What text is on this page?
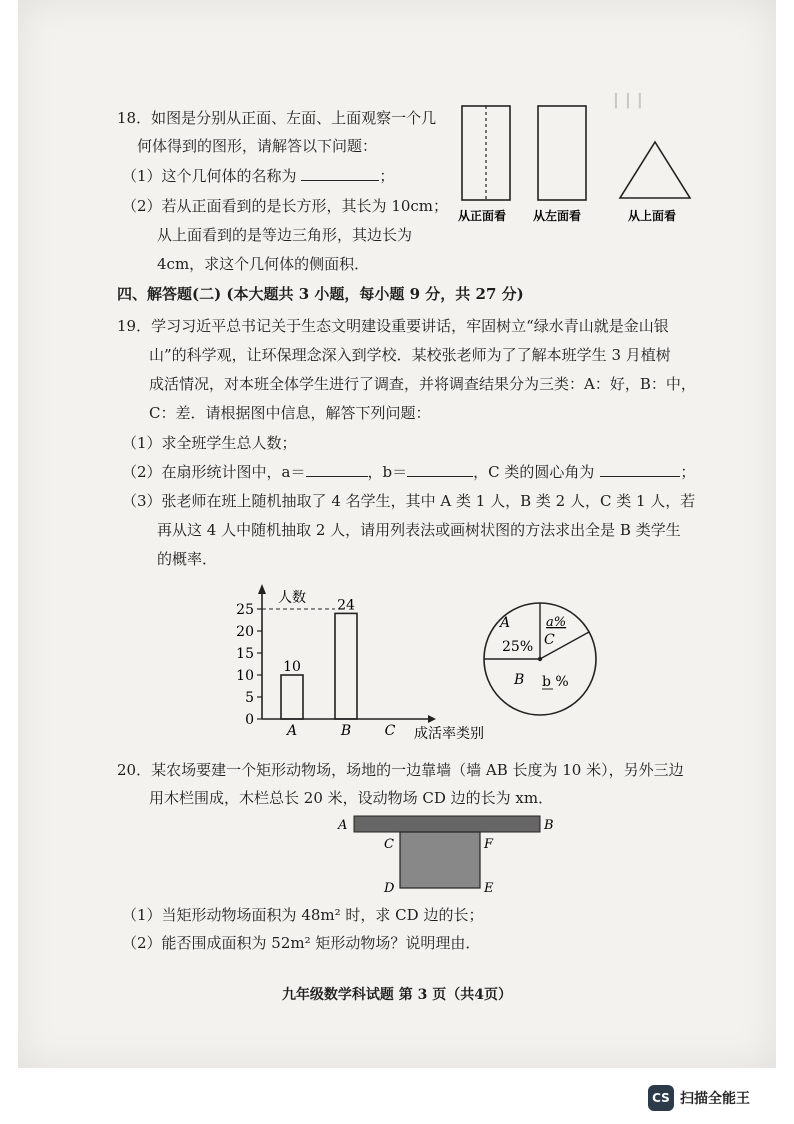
┃ ┃ ┃　　　
18．如图是分别从正面、左面、上面观察一个几
何体得到的图形，请解答以下问题：
（1）这个几何体的名称为	；
（2）若从正面看到的是长方形，其长为 10cm；
从上面看到的是等边三角形，其边长为
4cm，求这个几何体的侧面积．
从正面看 从左面看	从上面看
四、解答题(二) (本大题共 3 小题，每小题 9 分，共 27 分)
19．学习习近平总书记关于生态文明建设重要讲话，牢固树立“绿水青山就是金山银
山”的科学观，让环保理念深入到学校．某校张老师为了了解本班学生 3 月植树
成活情况，对本班全体学生进行了调查，并将调查结果分为三类：A：好，B：中，
C：差．请根据图中信息，解答下列问题：
（1）求全班学生总人数；
（2）在扇形统计图中，a＝	，b＝	，C 类的圆心角为	；
（3）张老师在班上随机抽取了 4 名学生，其中 A 类 1 人，B 类 2 人，C 类 1 人，若
再从这 4 人中随机抽取 2 人，请用列表法或画树状图的方法求出全是 B 类学生
的概率．
人数
成活率类别
0
5
10
15
20
25
10
A
24
B C
A
25% C
a%
B b %
20．某农场要建一个矩形动物场，场地的一边靠墙（墙 AB 长度为 10 米），另外三边
用木栏围成，木栏总长 20 米，设动物场 CD 边的长为 xm．
A	B
C	F
D	E
（1）当矩形动物场面积为 48m² 时，求 CD 边的长；
（2）能否围成面积为 52m² 矩形动物场？说明理由．
九年级数学科试题 第 3 页（共4页）
CS 扫描全能王
